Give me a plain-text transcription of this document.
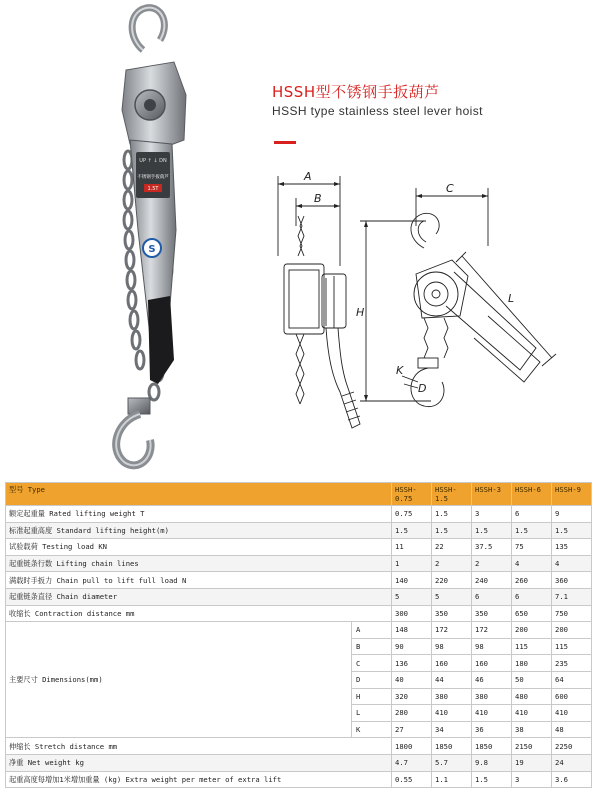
UP ↑ ↓ DN
不锈钢手扳葫芦
1.5T
S
HSSH型不锈钢手扳葫芦
HSSH type stainless steel lever hoist
A
B
C
H
L
K
D
型号 Type		HSSH-0.75	HSSH-1.5	HSSH-3	HSSH-6	HSSH-9
额定起重量 Rated lifting weight T		0.75	1.5	3	6	9
标准起重高度 Standard lifting height(m)		1.5	1.5	1.5	1.5	1.5
试验载荷 Testing load KN		11	22	37.5	75	135
起重链条行数 Lifting chain lines		1	2	2	4	4
满载时手扳力 Chain pull to lift full load N		140	220	240	260	360
起重链条直径 Chain diameter		5	5	6	6	7.1
收缩长 Contraction distance mm		300	350	350	650	750
主要尺寸 Dimensions(mm)	A	148	172	172	200	200
	B	90	98	98	115	115
	C	136	160	160	180	235
	D	40	44	46	50	64
	H	320	380	380	480	600
	L	280	410	410	410	410
	K	27	34	36	38	48
伸缩长 Stretch distance mm		1800	1850	1850	2150	2250
净重 Net weight kg		4.7	5.7	9.8	19	24
起重高度每增加1米增加重量 (kg) Extra weight per meter of extra lift		0.55	1.1	1.5	3	3.6
